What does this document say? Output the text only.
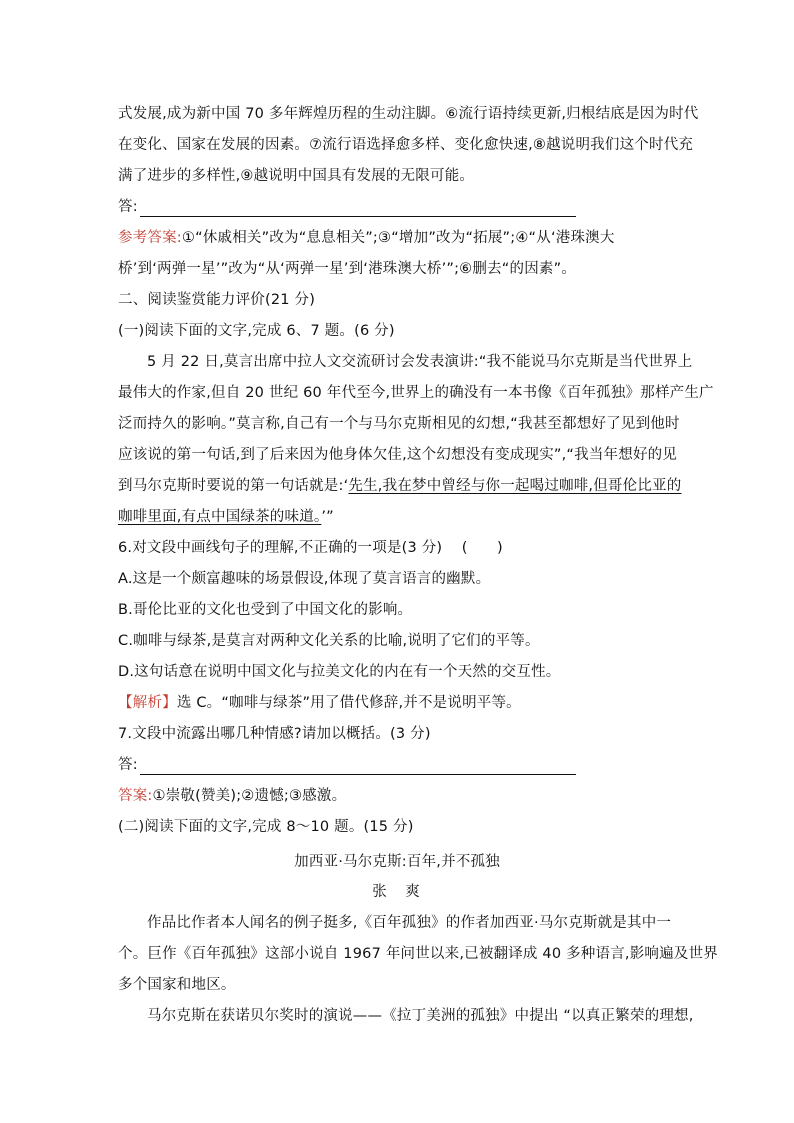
式发展,成为新中国 70 多年辉煌历程的生动注脚。⑥流行语持续更新,归根结底是因为时代
在变化、国家在发展的因素。⑦流行语选择愈多样、变化愈快速,⑧越说明我们这个时代充
满了进步的多样性,⑨越说明中国具有发展的无限可能。
答:
参考答案:①“休戚相关”改为“息息相关”;③“增加”改为“拓展”;④“从‘港珠澳大
桥’到‘两弹一星’”改为“从‘两弹一星’到‘港珠澳大桥’”;⑥删去“的因素”。
二、阅读鉴赏能力评价(21 分)
(一)阅读下面的文字,完成 6、7 题。(6 分)
5 月 22 日,莫言出席中拉人文交流研讨会发表演讲:“我不能说马尔克斯是当代世界上
最伟大的作家,但自 20 世纪 60 年代至今,世界上的确没有一本书像《百年孤独》那样产生广
泛而持久的影响。”莫言称,自己有一个与马尔克斯相见的幻想,“我甚至都想好了见到他时
应该说的第一句话,到了后来因为他身体欠佳,这个幻想没有变成现实”,“我当年想好的见
到马尔克斯时要说的第一句话就是:‘先生,我在梦中曾经与你一起喝过咖啡,但哥伦比亚的
咖啡里面,有点中国绿茶的味道。’”
6.对文段中画线句子的理解,不正确的一项是(3 分)　 (　　)
A.这是一个颇富趣味的场景假设,体现了莫言语言的幽默。
B.哥伦比亚的文化也受到了中国文化的影响。
C.咖啡与绿茶,是莫言对两种文化关系的比喻,说明了它们的平等。
D.这句话意在说明中国文化与拉美文化的内在有一个天然的交互性。
【解析】选 C。“咖啡与绿茶”用了借代修辞,并不是说明平等。
7.文段中流露出哪几种情感?请加以概括。(3 分)
答:
答案:①崇敬(赞美);②遗憾;③感激。
(二)阅读下面的文字,完成 8～10 题。(15 分)
加西亚·马尔克斯:百年,并不孤独
张　爽
作品比作者本人闻名的例子挺多,《百年孤独》的作者加西亚·马尔克斯就是其中一
个。巨作《百年孤独》这部小说自 1967 年问世以来,已被翻译成 40 多种语言,影响遍及世界
多个国家和地区。
马尔克斯在获诺贝尔奖时的演说——《拉丁美洲的孤独》中提出 “以真正繁荣的理想,
